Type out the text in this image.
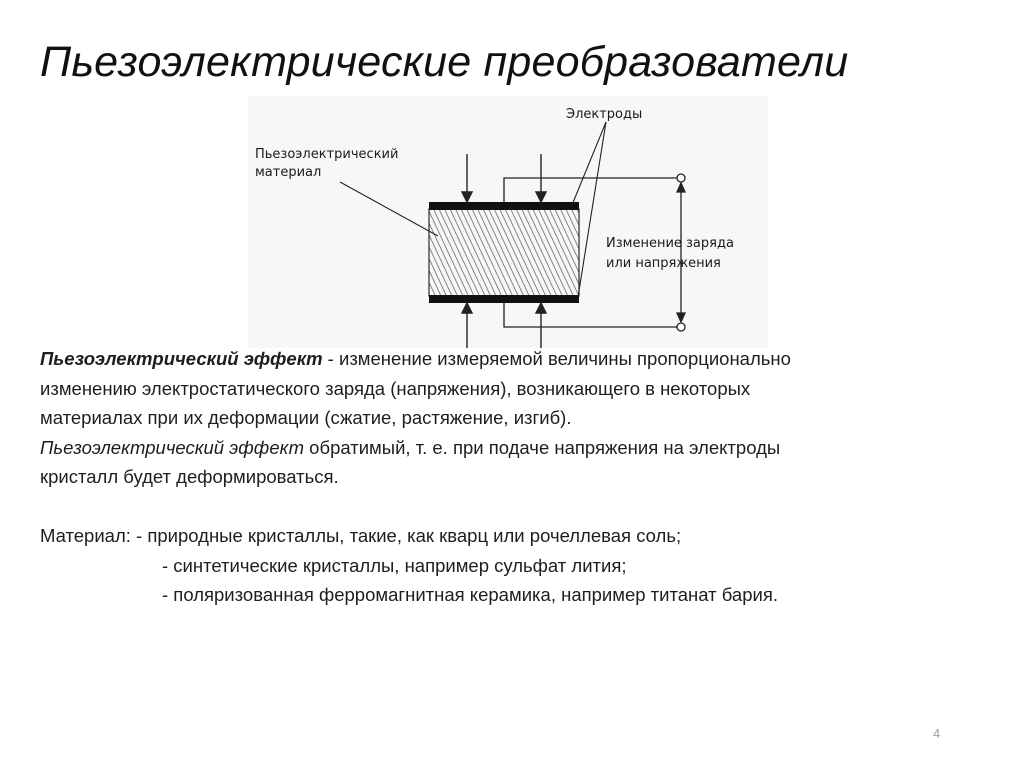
Пьезоэлектрические преобразователи
Пьезоэлектрический
материал
Электроды
Изменение заряда
или напряжения

Пьезоэлектрический эффект - изменение измеряемой величины пропорционально

изменению электростатического заряда (напряжения), возникающего в некоторых

материалах при их деформации (сжатие, растяжение, изгиб).

Пьезоэлектрический эффект обратимый, т. е. при подаче напряжения на электроды

кристалл будет деформироваться.

Материал: - природные кристаллы, такие, как кварц или рочеллевая соль;

- синтетические кристаллы, например сульфат лития;

- поляризованная ферромагнитная керамика, например титанат бария.

4
